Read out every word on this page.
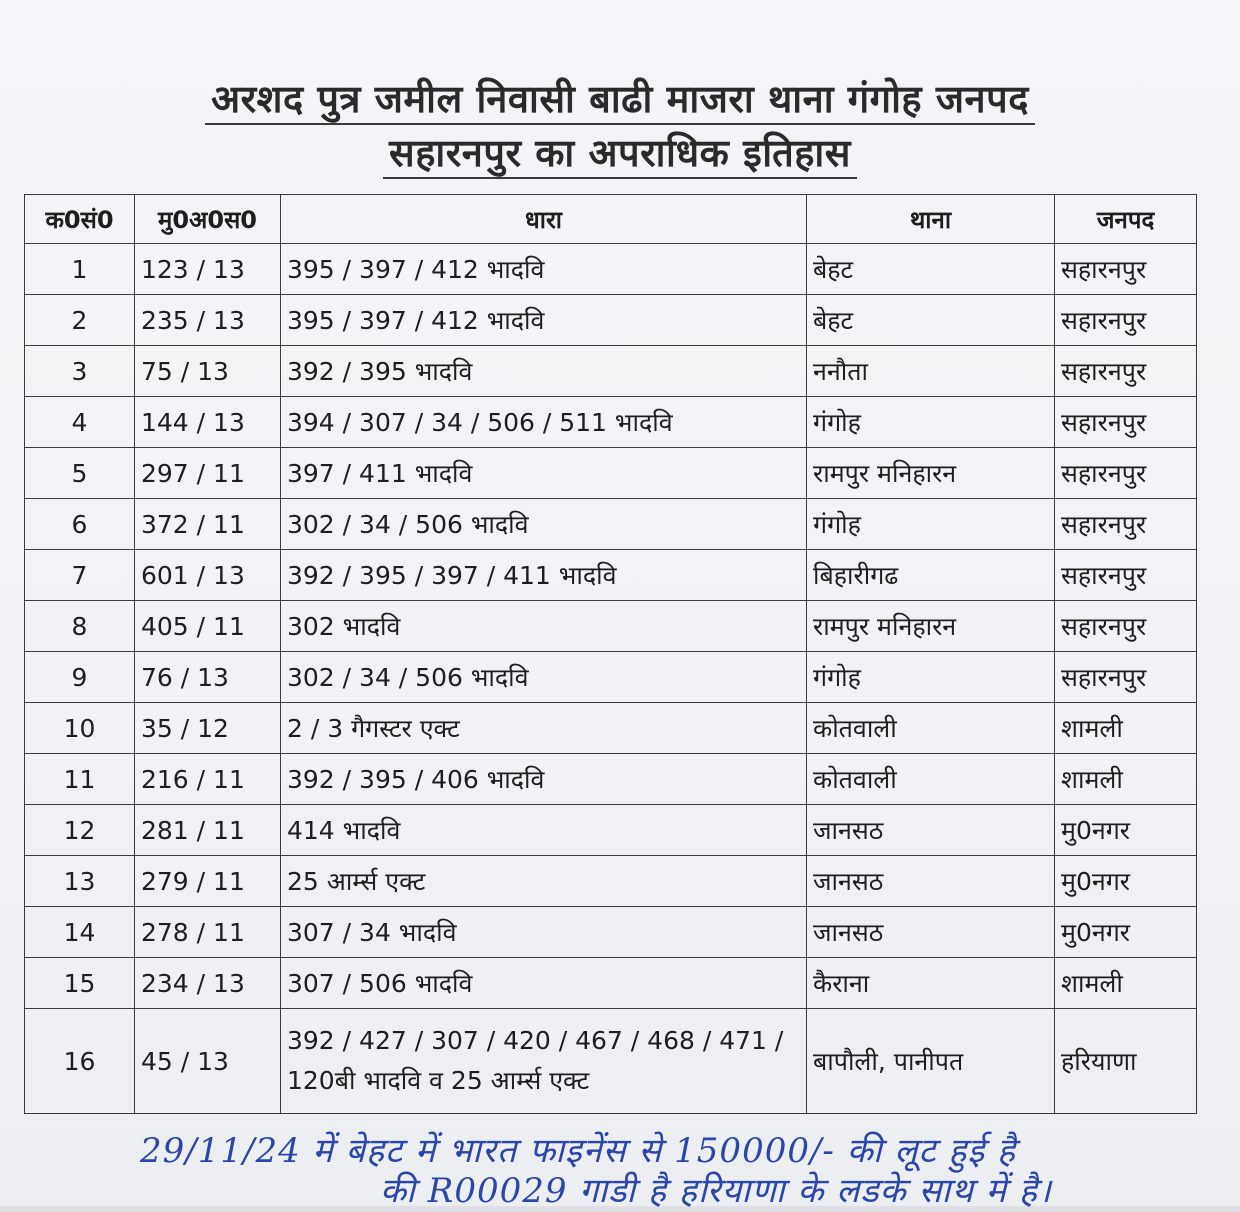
अरशद पुत्र जमील निवासी बाढी माजरा थाना गंगोह जनपद
सहारनपुर का अपराधिक इतिहास
क0सं0	मु0अ0स0	धारा	थाना	जनपद
1	123 / 13	395 / 397 / 412 भादवि	बेहट	सहारनपुर
2	235 / 13	395 / 397 / 412 भादवि	बेहट	सहारनपुर
3	75 / 13	392 / 395 भादवि	ननौता	सहारनपुर
4	144 / 13	394 / 307 / 34 / 506 / 511 भादवि	गंगोह	सहारनपुर
5	297 / 11	397 / 411 भादवि	रामपुर मनिहारन	सहारनपुर
6	372 / 11	302 / 34 / 506 भादवि	गंगोह	सहारनपुर
7	601 / 13	392 / 395 / 397 / 411 भादवि	बिहारीगढ	सहारनपुर
8	405 / 11	302 भादवि	रामपुर मनिहारन	सहारनपुर
9	76 / 13	302 / 34 / 506 भादवि	गंगोह	सहारनपुर
10	35 / 12	2 / 3 गैगस्टर एक्ट	कोतवाली	शामली
11	216 / 11	392 / 395 / 406 भादवि	कोतवाली	शामली
12	281 / 11	414 भादवि	जानसठ	मु0नगर
13	279 / 11	25 आर्म्स एक्ट	जानसठ	मु0नगर
14	278 / 11	307 / 34 भादवि	जानसठ	मु0नगर
15	234 / 13	307 / 506 भादवि	कैराना	शामली
16	45 / 13	392 / 427 / 307 / 420 / 467 / 468 / 471 / 120बी भादवि व 25 आर्म्स एक्ट	बापौली, पानीपत	हरियाणा
29/11/24 में बेहट में भारत फाइनेंस से 150000/- की लूट हुई है
की R00029 गाडी है हरियाणा के लडके साथ में है।
